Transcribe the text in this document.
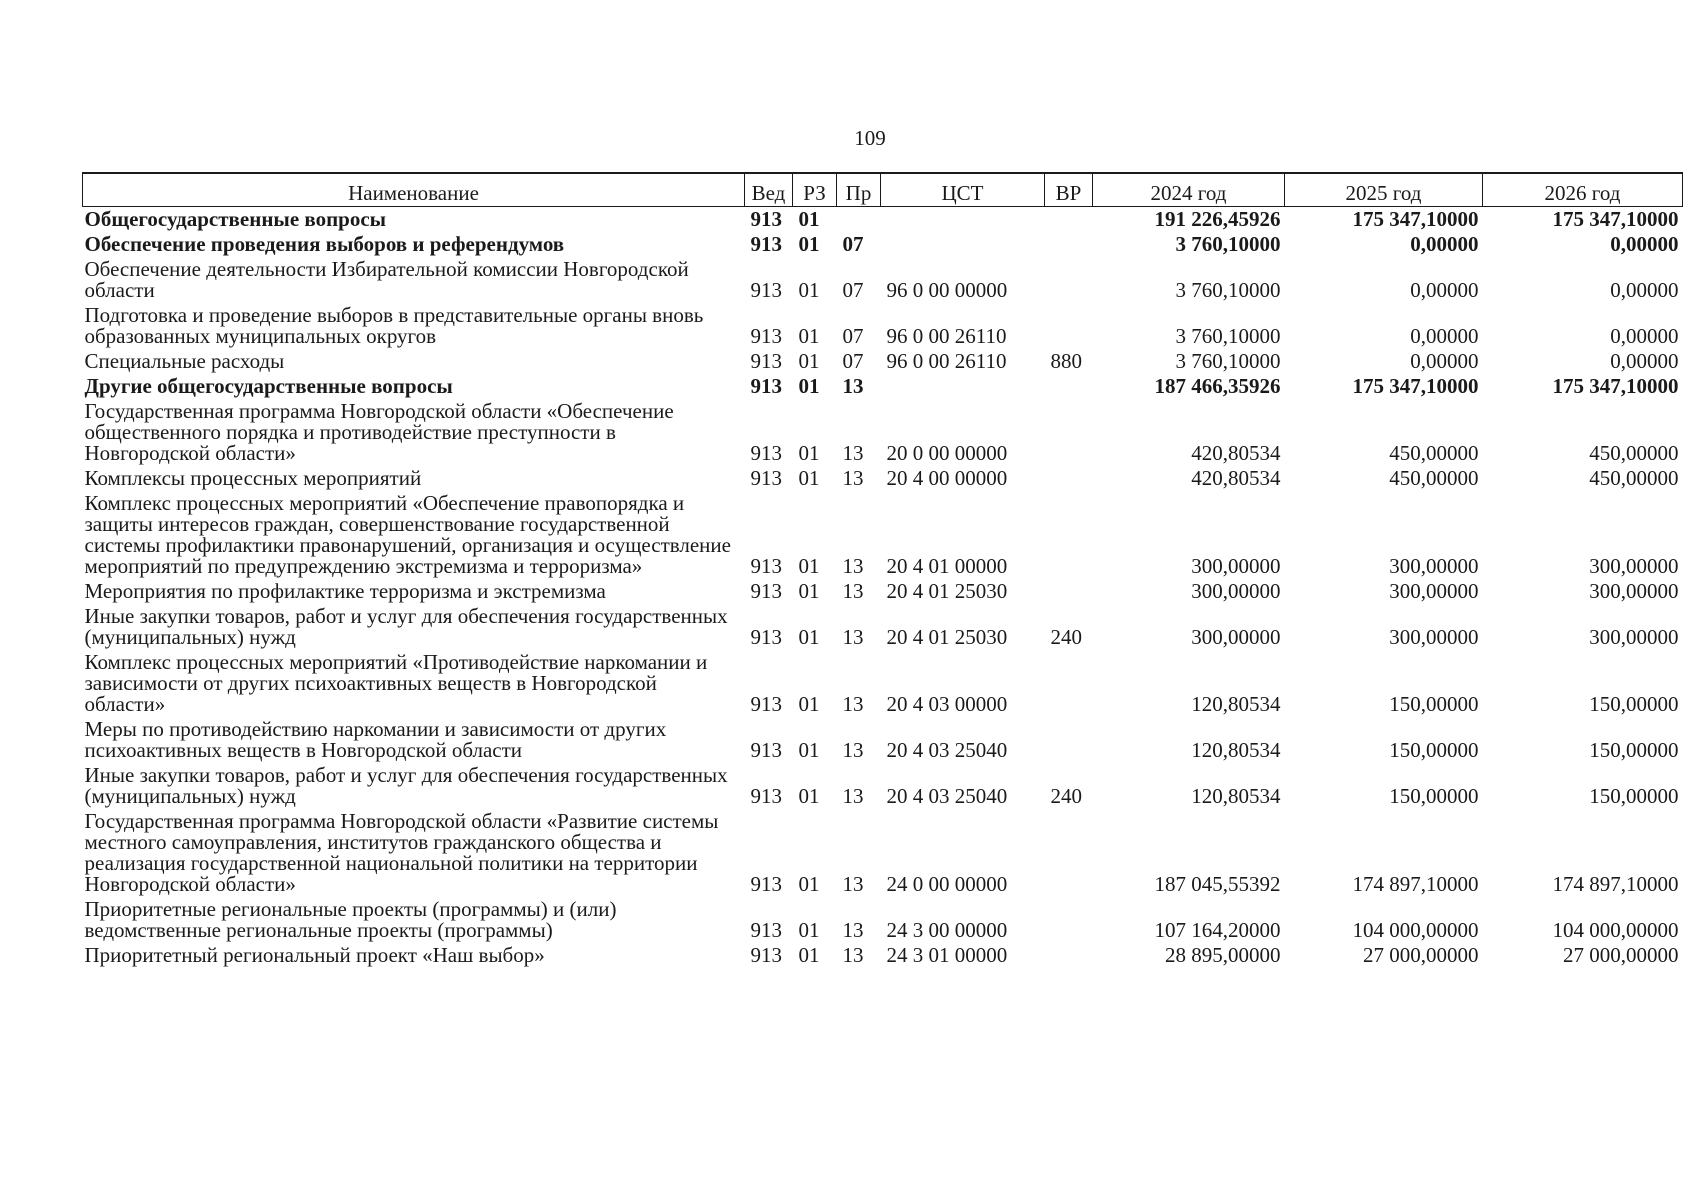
109
Наименование	Вед	РЗ	Пр	ЦСТ	ВР	2024 год	2025 год	2026 год
Общегосударственные вопросы	913	01				191 226,45926	175 347,10000	175 347,10000
Обеспечение проведения выборов и референдумов	913	01	07			3 760,10000	0,00000	0,00000
Обеспечение деятельности Избирательной комиссии Новгородской области	913	01	07	96 0 00 00000		3 760,10000	0,00000	0,00000
Подготовка и проведение выборов в представительные органы вновь образованных муниципальных округов	913	01	07	96 0 00 26110		3 760,10000	0,00000	0,00000
Специальные расходы	913	01	07	96 0 00 26110	880	3 760,10000	0,00000	0,00000
Другие общегосударственные вопросы	913	01	13			187 466,35926	175 347,10000	175 347,10000
Государственная программа Новгородской области «Обеспечение общественного порядка и противодействие преступности в Новгородской области»	913	01	13	20 0 00 00000		420,80534	450,00000	450,00000
Комплексы процессных мероприятий	913	01	13	20 4 00 00000		420,80534	450,00000	450,00000
Комплекс процессных мероприятий «Обеспечение правопорядка и защиты интересов граждан, совершенствование государственной системы профилактики правонарушений, организация и осуществление мероприятий по предупреждению экстремизма и терроризма»	913	01	13	20 4 01 00000		300,00000	300,00000	300,00000
Мероприятия по профилактике терроризма и экстремизма	913	01	13	20 4 01 25030		300,00000	300,00000	300,00000
Иные закупки товаров, работ и услуг для обеспечения государственных (муниципальных) нужд	913	01	13	20 4 01 25030	240	300,00000	300,00000	300,00000
Комплекс процессных мероприятий «Противодействие наркомании и зависимости от других психоактивных веществ в Новгородской области»	913	01	13	20 4 03 00000		120,80534	150,00000	150,00000
Меры по противодействию наркомании и зависимости от других психоактивных веществ в Новгородской области	913	01	13	20 4 03 25040		120,80534	150,00000	150,00000
Иные закупки товаров, работ и услуг для обеспечения государственных (муниципальных) нужд	913	01	13	20 4 03 25040	240	120,80534	150,00000	150,00000
Государственная программа Новгородской области «Развитие системы местного самоуправления, институтов гражданского общества и реализация государственной национальной политики на территории Новгородской области»	913	01	13	24 0 00 00000		187 045,55392	174 897,10000	174 897,10000
Приоритетные региональные проекты (программы) и (или) ведомственные региональные проекты (программы)	913	01	13	24 3 00 00000		107 164,20000	104 000,00000	104 000,00000
Приоритетный региональный проект «Наш выбор»	913	01	13	24 3 01 00000		28 895,00000	27 000,00000	27 000,00000
